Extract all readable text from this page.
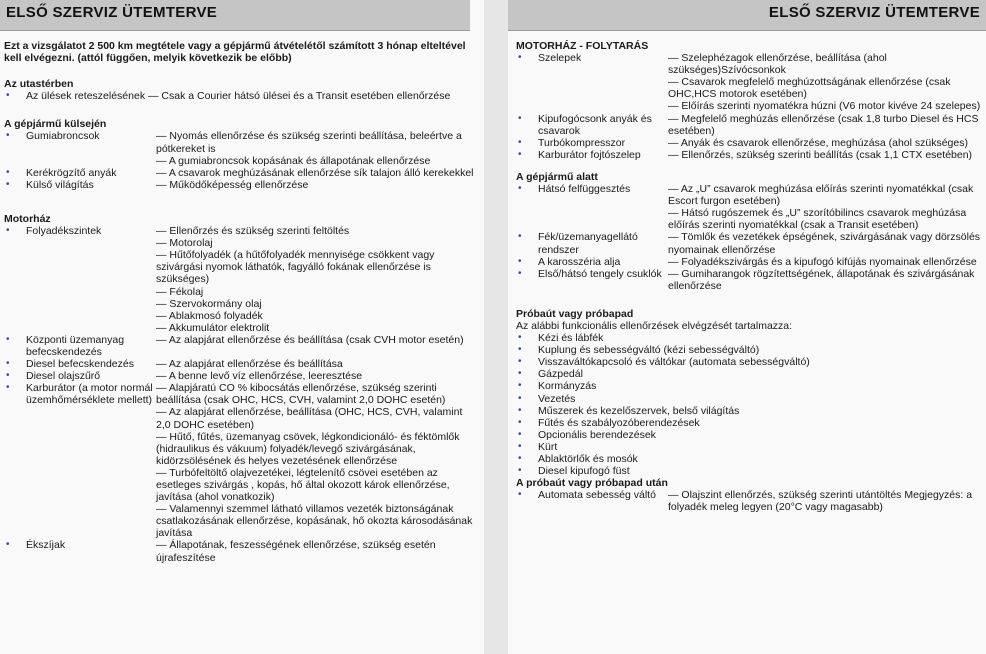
ELSŐ SZERVIZ ÜTEMTERVE
Ezt a vizsgálatot 2 500 km megtétele vagy a gépjármű átvételétől számított 3 hónap elteltével kell elvégezni. (attól függően, melyik következik be előbb)
Az utastérben
• Az ülések reteszelésének — Csak a Courier hátsó ülései és a Transit esetében ellenőrzése
A gépjármű külsején
• Gumiabroncsok	— Nyomás ellenőrzése és szükség szerinti beállítása, beleértve a pótkereket is
— A gumiabroncsok kopásának és állapotának ellenőrzése
• Kerékrögzítő anyák	— A csavarok meghúzásának ellenőrzése sík talajon álló kerekekkel
• Külső világítás	— Működőképesség ellenőrzése
Motorház
• Folyadékszintek	— Ellenőrzés és szükség szerinti feltöltés
— Motorolaj
— Hűtőfolyadék (a hűtőfolyadék mennyisége csökkent vagy szivárgási nyomok láthatók, fagyálló fokának ellenőrzése is szükséges)
— Fékolaj
— Szervokormány olaj
— Ablakmosó folyadék
— Akkumulátor elektrolit
• Központi üzemanyag befecskendezés
— Az alapjárat ellenőrzése és beállítása (csak CVH motor esetén)
• Diesel befecskendezés	— Az alapjárat ellenőrzése és beállítása
• Diesel olajszűrő	— A benne levő víz ellenőrzése, leeresztése
• Karburátor (a motor normál üzemhőmérséklete mellett)
— Alapjáratú CO % kibocsátás ellenőrzése, szükség szerinti beállítása (csak OHC, HCS, CVH, valamint 2,0 DOHC esetén)
— Az alapjárat ellenőrzése, beállítása (OHC, HCS, CVH, valamint 2,0 DOHC esetében)
— Hűtő, fűtés, üzemanyag csövek, légkondicionáló- és féktömlők (hidraulikus és vákuum) folyadék/levegő szivárgásának, kidörzsölésének és helyes vezetésének ellenőrzése
— Turbófeltöltő olajvezetékei, légtelenítő csövei esetében az esetleges szivárgás , kopás, hő által okozott károk ellenőrzése, javítása (ahol vonatkozik)
— Valamennyi szemmel látható villamos vezeték biztonságának csatlakozásának ellenőrzése, kopásának, hő okozta károsodásának javítása
• Ékszíjak	— Állapotának, feszességének ellenőrzése, szükség esetén újrafeszítése
ELSŐ SZERVIZ ÜTEMTERVE
MOTORHÁZ - FOLYTARÁS
• Szelepek	— Szelephézagok ellenőrzése, beállítása (ahol szükséges)Szívócsonkok
— Csavarok megfelelő meghúzottságának ellenőrzése (csak OHC,HCS motorok esetében)
— Előírás szerinti nyomatékra húzni (V6 motor kivéve 24 szelepes)
• Kipufogócsonk anyák és csavarok
— Megfelelő meghúzás ellenőrzése (csak 1,8 turbo Diesel és HCS esetében)
• Turbókompresszor	— Anyák és csavarok ellenőrzése, meghúzása (ahol szükséges)
• Karburátor fojtószelep	— Ellenőrzés, szükség szerinti beállítás (csak 1,1 CTX esetében)
A gépjármű alatt
• Hátsó felfüggesztés	— Az „U” csavarok meghúzása előírás szerinti nyomatékkal (csak Escort furgon esetében)
— Hátsó rugószemek és „U” szorítóbilincs csavarok meghúzása előírás szerinti nyomatékkal (csak a Transit esetében)
• Fék/üzemanyagellátó rendszer
— Tömlők és vezetékek épségének, szivárgásának vagy dörzsölés nyomainak ellenőrzése
• A karosszéria alja	— Folyadékszivárgás és a kipufogó kifújás nyomainak ellenőrzése
• Első/hátsó tengely csuklók — Gumiharangok rögzítettségének, állapotának és szivárgásának ellenőrzése
Próbaút vagy próbapad
Az alábbi funkcionális ellenőrzések elvégzését tartalmazza:
• Kézi és lábfék
• Kuplung és sebességváltó (kézi sebességváltó)
• Visszaváltókapcsoló és váltókar (automata sebességváltó)
• Gázpedál
• Kormányzás
• Vezetés
• Műszerek és kezelőszervek, belső világítás
• Fűtés és szabályozóberendezések
• Opcionális berendezések
• Kürt
• Ablaktörlők és mosók
• Diesel kipufogó füst
A próbaút vagy próbapad után
• Automata sebesség váltó	— Olajszint ellenőrzés, szükség szerinti utántöltés Megjegyzés: a folyadék meleg legyen (20°C vagy magasabb)
